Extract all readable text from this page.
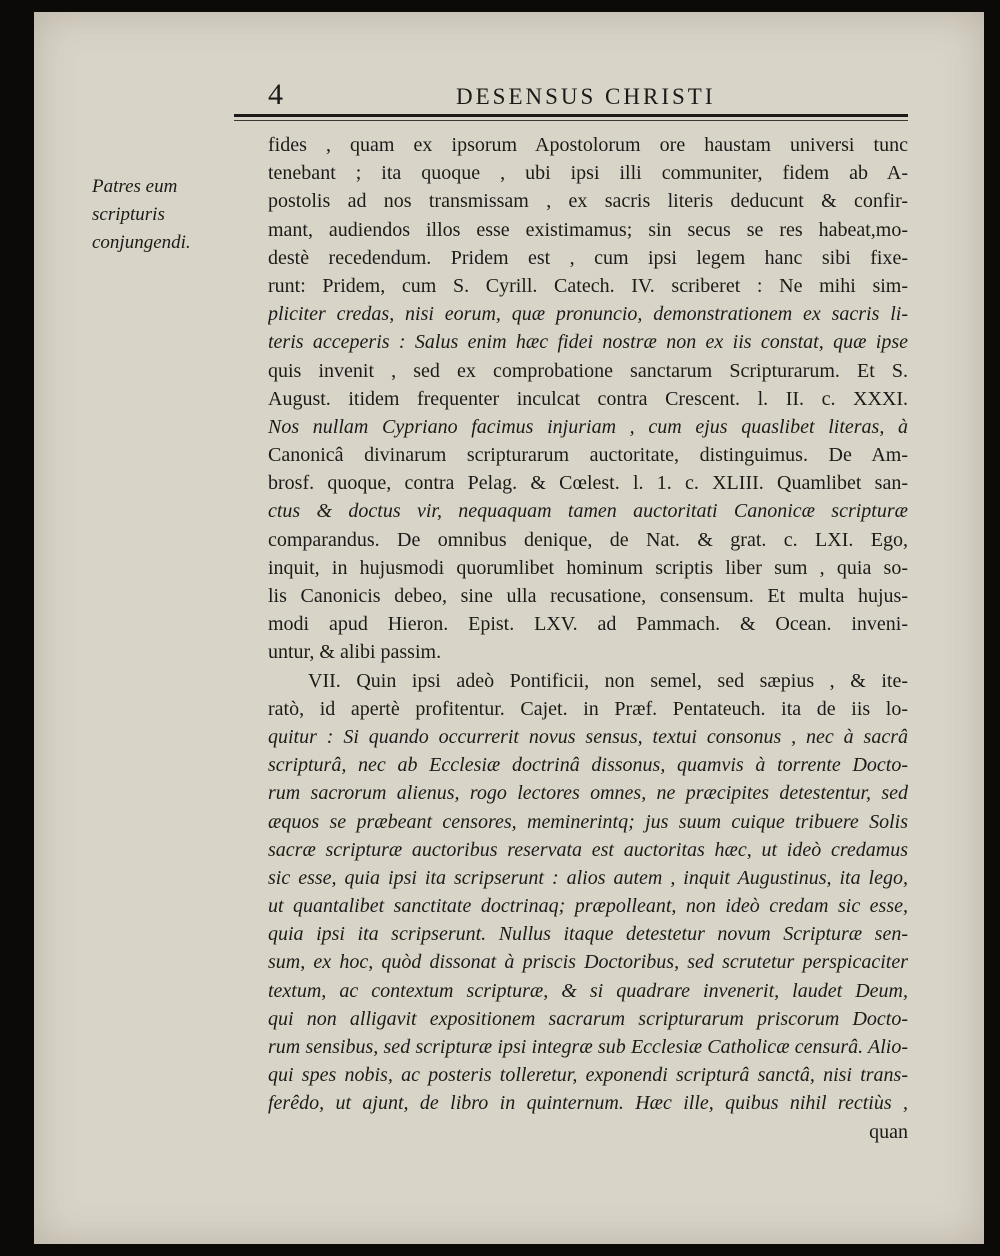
4	DESENSUS CHRISTI
Patres eum
scripturis
conjungendi.
fides , quam ex ipsorum Apostolorum ore haustam universi tunc
tenebant ; ita quoque , ubi ipsi illi communiter, fidem ab A-
postolis ad nos transmissam , ex sacris literis deducunt & confir-
mant, audiendos illos esse existimamus; sin secus se res habeat,mo-
destè recedendum. Pridem est , cum ipsi legem hanc sibi fixe-
runt: Pridem, cum S. Cyrill. Catech. IV. scriberet : Ne mihi sim-
pliciter credas, nisi eorum, quæ pronuncio, demonstrationem ex sacris li-
teris acceperis : Salus enim hæc fidei nostræ non ex iis constat, quæ ipse
quis invenit , sed ex comprobatione sanctarum Scripturarum. Et S.
August. itidem frequenter inculcat contra Crescent. l. II. c. XXXI.
Nos nullam Cypriano facimus injuriam , cum ejus quaslibet literas, à
Canonicâ divinarum scripturarum auctoritate, distinguimus. De Am-
brosf. quoque, contra Pelag. & Cœlest. l. 1. c. XLIII. Quamlibet san-
ctus & doctus vir, nequaquam tamen auctoritati Canonicæ scripturæ
comparandus. De omnibus denique, de Nat. & grat. c. LXI. Ego,
inquit, in hujusmodi quorumlibet hominum scriptis liber sum , quia so-
lis Canonicis debeo, sine ulla recusatione, consensum. Et multa hujus-
modi apud Hieron. Epist. LXV. ad Pammach. & Ocean. inveni-
untur, & alibi passim.
VII. Quin ipsi adeò Pontificii, non semel, sed sæpius , & ite-
ratò, id apertè profitentur. Cajet. in Præf. Pentateuch. ita de iis lo-
quitur : Si quando occurrerit novus sensus, textui consonus , nec à sacrâ
scripturâ, nec ab Ecclesiæ doctrinâ dissonus, quamvis à torrente Docto-
rum sacrorum alienus, rogo lectores omnes, ne præcipites detestentur, sed
æquos se præbeant censores, meminerintq; jus suum cuique tribuere Solis
sacræ scripturæ auctoribus reservata est auctoritas hæc, ut ideò credamus
sic esse, quia ipsi ita scripserunt : alios autem , inquit Augustinus, ita lego,
ut quantalibet sanctitate doctrinaq; præpolleant, non ideò credam sic esse,
quia ipsi ita scripserunt. Nullus itaque detestetur novum Scripturæ sen-
sum, ex hoc, quòd dissonat à priscis Doctoribus, sed scrutetur perspicaciter
textum, ac contextum scripturæ, & si quadrare invenerit, laudet Deum,
qui non alligavit expositionem sacrarum scripturarum priscorum Docto-
rum sensibus, sed scripturæ ipsi integræ sub Ecclesiæ Catholicæ censurâ. Alio-
qui spes nobis, ac posteris tolleretur, exponendi scripturâ sanctâ, nisi trans-
ferêdo, ut ajunt, de libro in quinternum. Hæc ille, quibus nihil rectiùs ,
quan
